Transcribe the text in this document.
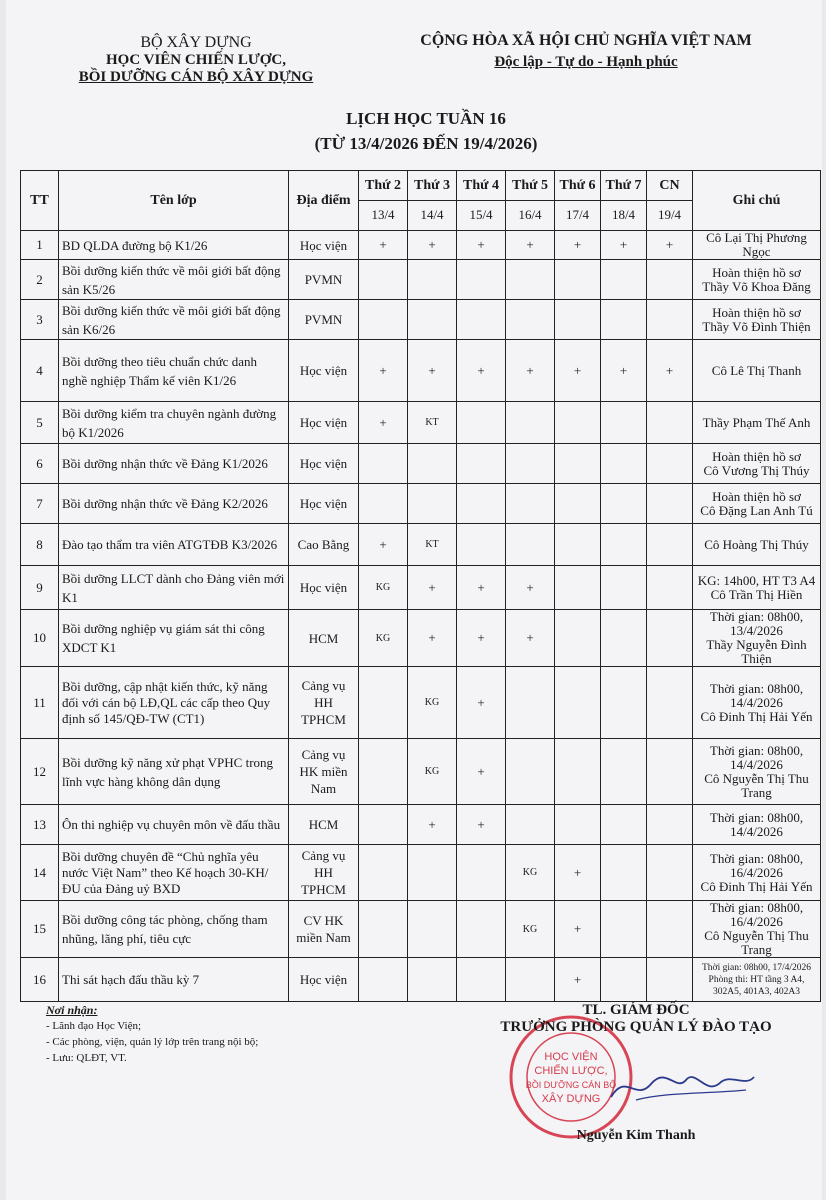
BỘ XÂY DỰNG
HỌC VIÊN CHIẾN LƯỢC,
BỒI DƯỠNG CÁN BỘ XÂY DỰNG
CỘNG HÒA XÃ HỘI CHỦ NGHĨA VIỆT NAM
Độc lập - Tự do - Hạnh phúc
LỊCH HỌC TUẦN 16
(TỪ 13/4/2026 ĐẾN 19/4/2026)
TT	Tên lớp	Địa điểm	Thứ 2	Thứ 3	Thứ 4	Thứ 5	Thứ 6	Thứ 7	CN	Ghi chú
			13/4	14/4	15/4	16/4	17/4	18/4	19/4	
1	BD QLDA đường bộ K1/26	Học viện	+	+	+	+	+	+	+	Cô Lại Thị Phương Ngọc
2	Bồi dưỡng kiến thức về môi giới bất động sản K5/26	PVMN								Hoàn thiện hồ sơ
Thầy Võ Khoa Đăng
3	Bồi dưỡng kiến thức về môi giới bất động sản K6/26	PVMN								Hoàn thiện hồ sơ
Thầy Võ Đình Thiện
4	Bồi dưỡng theo tiêu chuẩn chức danh nghề nghiệp Thẩm kế viên K1/26	Học viện	+	+	+	+	+	+	+	Cô Lê Thị Thanh
5	Bồi dưỡng kiểm tra chuyên ngành đường bộ K1/2026	Học viện	+	KT						Thầy Phạm Thế Anh
6	Bồi dưỡng nhận thức về Đảng K1/2026	Học viện								Hoàn thiện hồ sơ
Cô Vương Thị Thúy
7	Bồi dưỡng nhận thức về Đảng K2/2026	Học viện								Hoàn thiện hồ sơ
Cô Đặng Lan Anh Tú
8	Đào tạo thẩm tra viên ATGTĐB K3/2026	Cao Bằng	+	KT						Cô Hoàng Thị Thúy
9	Bồi dưỡng LLCT dành cho Đảng viên mới K1	Học viện	KG	+	+	+				KG: 14h00, HT T3 A4
Cô Trần Thị Hiền
10	Bồi dưỡng nghiệp vụ giám sát thi công XDCT K1	HCM	KG	+	+	+				Thời gian: 08h00, 13/4/2026
Thầy Nguyễn Đình Thiện
11	Bồi dưỡng, cập nhật kiến thức, kỹ năng đối với cán bộ LĐ,QL các cấp theo Quy định số 145/QĐ-TW (CT1)	Cảng vụ
HH
TPHCM		KG	+					Thời gian: 08h00, 14/4/2026
Cô Đinh Thị Hải Yến
12	Bồi dưỡng kỹ năng xử phạt VPHC trong lĩnh vực hàng không dân dụng	Cảng vụ
HK miền
Nam		KG	+					Thời gian: 08h00, 14/4/2026
Cô Nguyễn Thị Thu Trang
13	Ôn thi nghiệp vụ chuyên môn về đấu thầu	HCM		+	+					Thời gian: 08h00, 14/4/2026
14	Bồi dưỡng chuyên đề “Chủ nghĩa yêu nước Việt Nam” theo Kế hoạch 30-KH/ĐU của Đảng uỷ BXD	Cảng vụ
HH
TPHCM				KG	+			Thời gian: 08h00, 16/4/2026
Cô Đinh Thị Hải Yến
15	Bồi dưỡng công tác phòng, chống tham nhũng, lãng phí, tiêu cực	CV HK
miền Nam				KG	+			Thời gian: 08h00, 16/4/2026
Cô Nguyễn Thị Thu Trang
16	Thi sát hạch đấu thầu kỳ 7	Học viện					+			Thời gian: 08h00, 17/4/2026
Phòng thi: HT tầng 3 A4,
302A5, 401A3, 402A3
Nơi nhận:
- Lãnh đạo Học Viện;
- Các phòng, viện, quản lý lớp trên trang nội bộ;
- Lưu: QLĐT, VT.	HỌC VIỆN
CHIẾN LƯỢC,
BỒI DƯỠNG CÁN BỘ
XÂY DỰNG
TL. GIÁM ĐỐC
TRƯỞNG PHÒNG QUẢN LÝ ĐÀO TẠO
Nguyễn Kim Thanh
